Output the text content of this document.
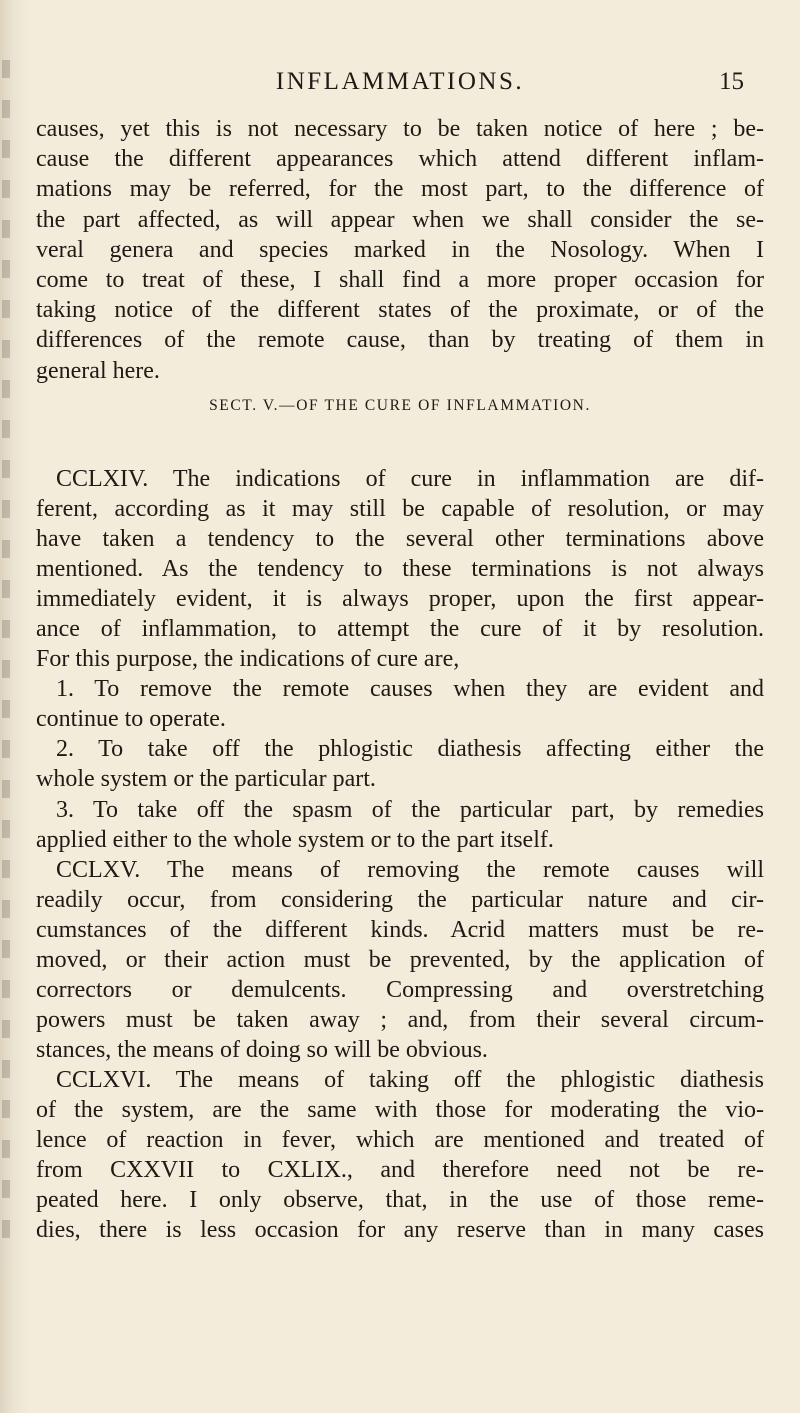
INFLAMMATIONS.	15
causes, yet this is not necessary to be taken notice of here ; be-
cause the different appearances which attend different inflam-
mations may be referred, for the most part, to the difference of
the part affected, as will appear when we shall consider the se-
veral genera and species marked in the Nosology. When I
come to treat of these, I shall find a more proper occasion for
taking notice of the different states of the proximate, or of the
differences of the remote cause, than by treating of them in
general here.
SECT. V.—OF THE CURE OF INFLAMMATION.
CCLXIV. The indications of cure in inflammation are dif-
ferent, according as it may still be capable of resolution, or may
have taken a tendency to the several other terminations above
mentioned. As the tendency to these terminations is not always
immediately evident, it is always proper, upon the first appear-
ance of inflammation, to attempt the cure of it by resolution.
For this purpose, the indications of cure are,
1. To remove the remote causes when they are evident and
continue to operate.
2. To take off the phlogistic diathesis affecting either the
whole system or the particular part.
3. To take off the spasm of the particular part, by remedies
applied either to the whole system or to the part itself.
CCLXV. The means of removing the remote causes will
readily occur, from considering the particular nature and cir-
cumstances of the different kinds. Acrid matters must be re-
moved, or their action must be prevented, by the application of
correctors or demulcents. Compressing and overstretching
powers must be taken away ; and, from their several circum-
stances, the means of doing so will be obvious.
CCLXVI. The means of taking off the phlogistic diathesis
of the system, are the same with those for moderating the vio-
lence of reaction in fever, which are mentioned and treated of
from CXXVII to CXLIX., and therefore need not be re-
peated here. I only observe, that, in the use of those reme-
dies, there is less occasion for any reserve than in many cases
